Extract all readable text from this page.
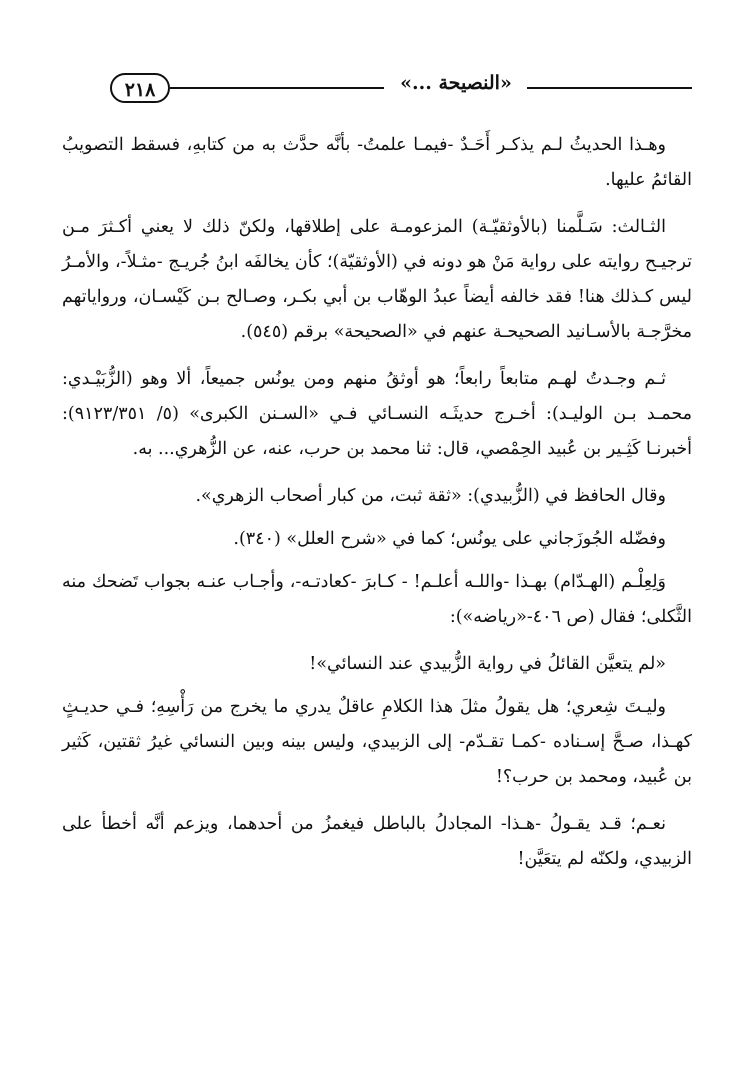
٢١٨	«النصيحة ...»

وهـذا الحديثُ لـم يذكـر أَحَـدٌ -فيمـا علمتُ- بأنَّه حدَّث به من كتابهِ، فسقط التصويبُ القائمُ عليها.

الثـالث: سَـلَّمنا (بالأوثقيّـة) المزعومـة على إطلاقها، ولكنّ ذلك لا يعني أكـثرَ مـن ترجيـح روايته على رواية مَنْ هو دونه في (الأوثقيّة)؛ كأن يخالفَه ابنُ جُريـج -مثـلاً-، والأمـرُ ليس كـذلك هنا! فقد خالفه أيضاً عبدُ الوهّاب بن أبي بكـر، وصـالح بـن كَيْسـان، ورواياتهم مخرَّجـة بالأسـانيد الصحيحـة عنهم في «الصحيحة» برقم (٥٤٥).

ثـم وجـدتُ لهـم متابعاً رابعاً؛ هو أوثقُ منهم ومن يونُس جميعاً، ألا وهو (الزُّبَيْـدي: محمـد بـن الوليـد): أخـرج حديثَـه النسـائي فـي «السـنن الكبرى» (٥/ ٩١٢٣/٣٥١): أخبرنـا كَثِـير بن عُبيد الحِمْصي، قال: ثنا محمد بن حرب، عنه، عن الزُّهري... به.

وقال الحافظ في (الزُّبيدي): «ثقة ثبت، من كبار أصحاب الزهري».

وفضّله الجُوزَجاني على يونُس؛ كما في «شرح العلل» (٣٤٠).

وَلِعِلْـم (الهـدّام) بهـذا -واللـه أعلـم! - كـابرَ -كعادتـه-، وأجـاب عنـه بجواب تَضحك منه الثَّكلى؛ فقال (ص ٤٠٦-«رياضه»):

«لم يتعيَّن القائلُ في رواية الزُّبيدي عند النسائي»!

وليـتَ شِعري؛ هل يقولُ مثلَ هذا الكلامِ عاقلٌ يدري ما يخرج من رَأْسِهِ؛ فـي حديـثٍ كهـذا، صـحَّ إسـناده -كمـا تقـدّم- إلى الزبيدي، وليس بينه وبين النسائي غيرُ ثقتين، كَثير بن عُبيد، ومحمد بن حرب؟!

نعـم؛ قـد يقـولُ -هـذا- المجادلُ بالباطل فيغمزُ من أحدهما، ويزعم أنَّه أخطأ على الزبيدي، ولكنّه لم يتعَيَّن!
